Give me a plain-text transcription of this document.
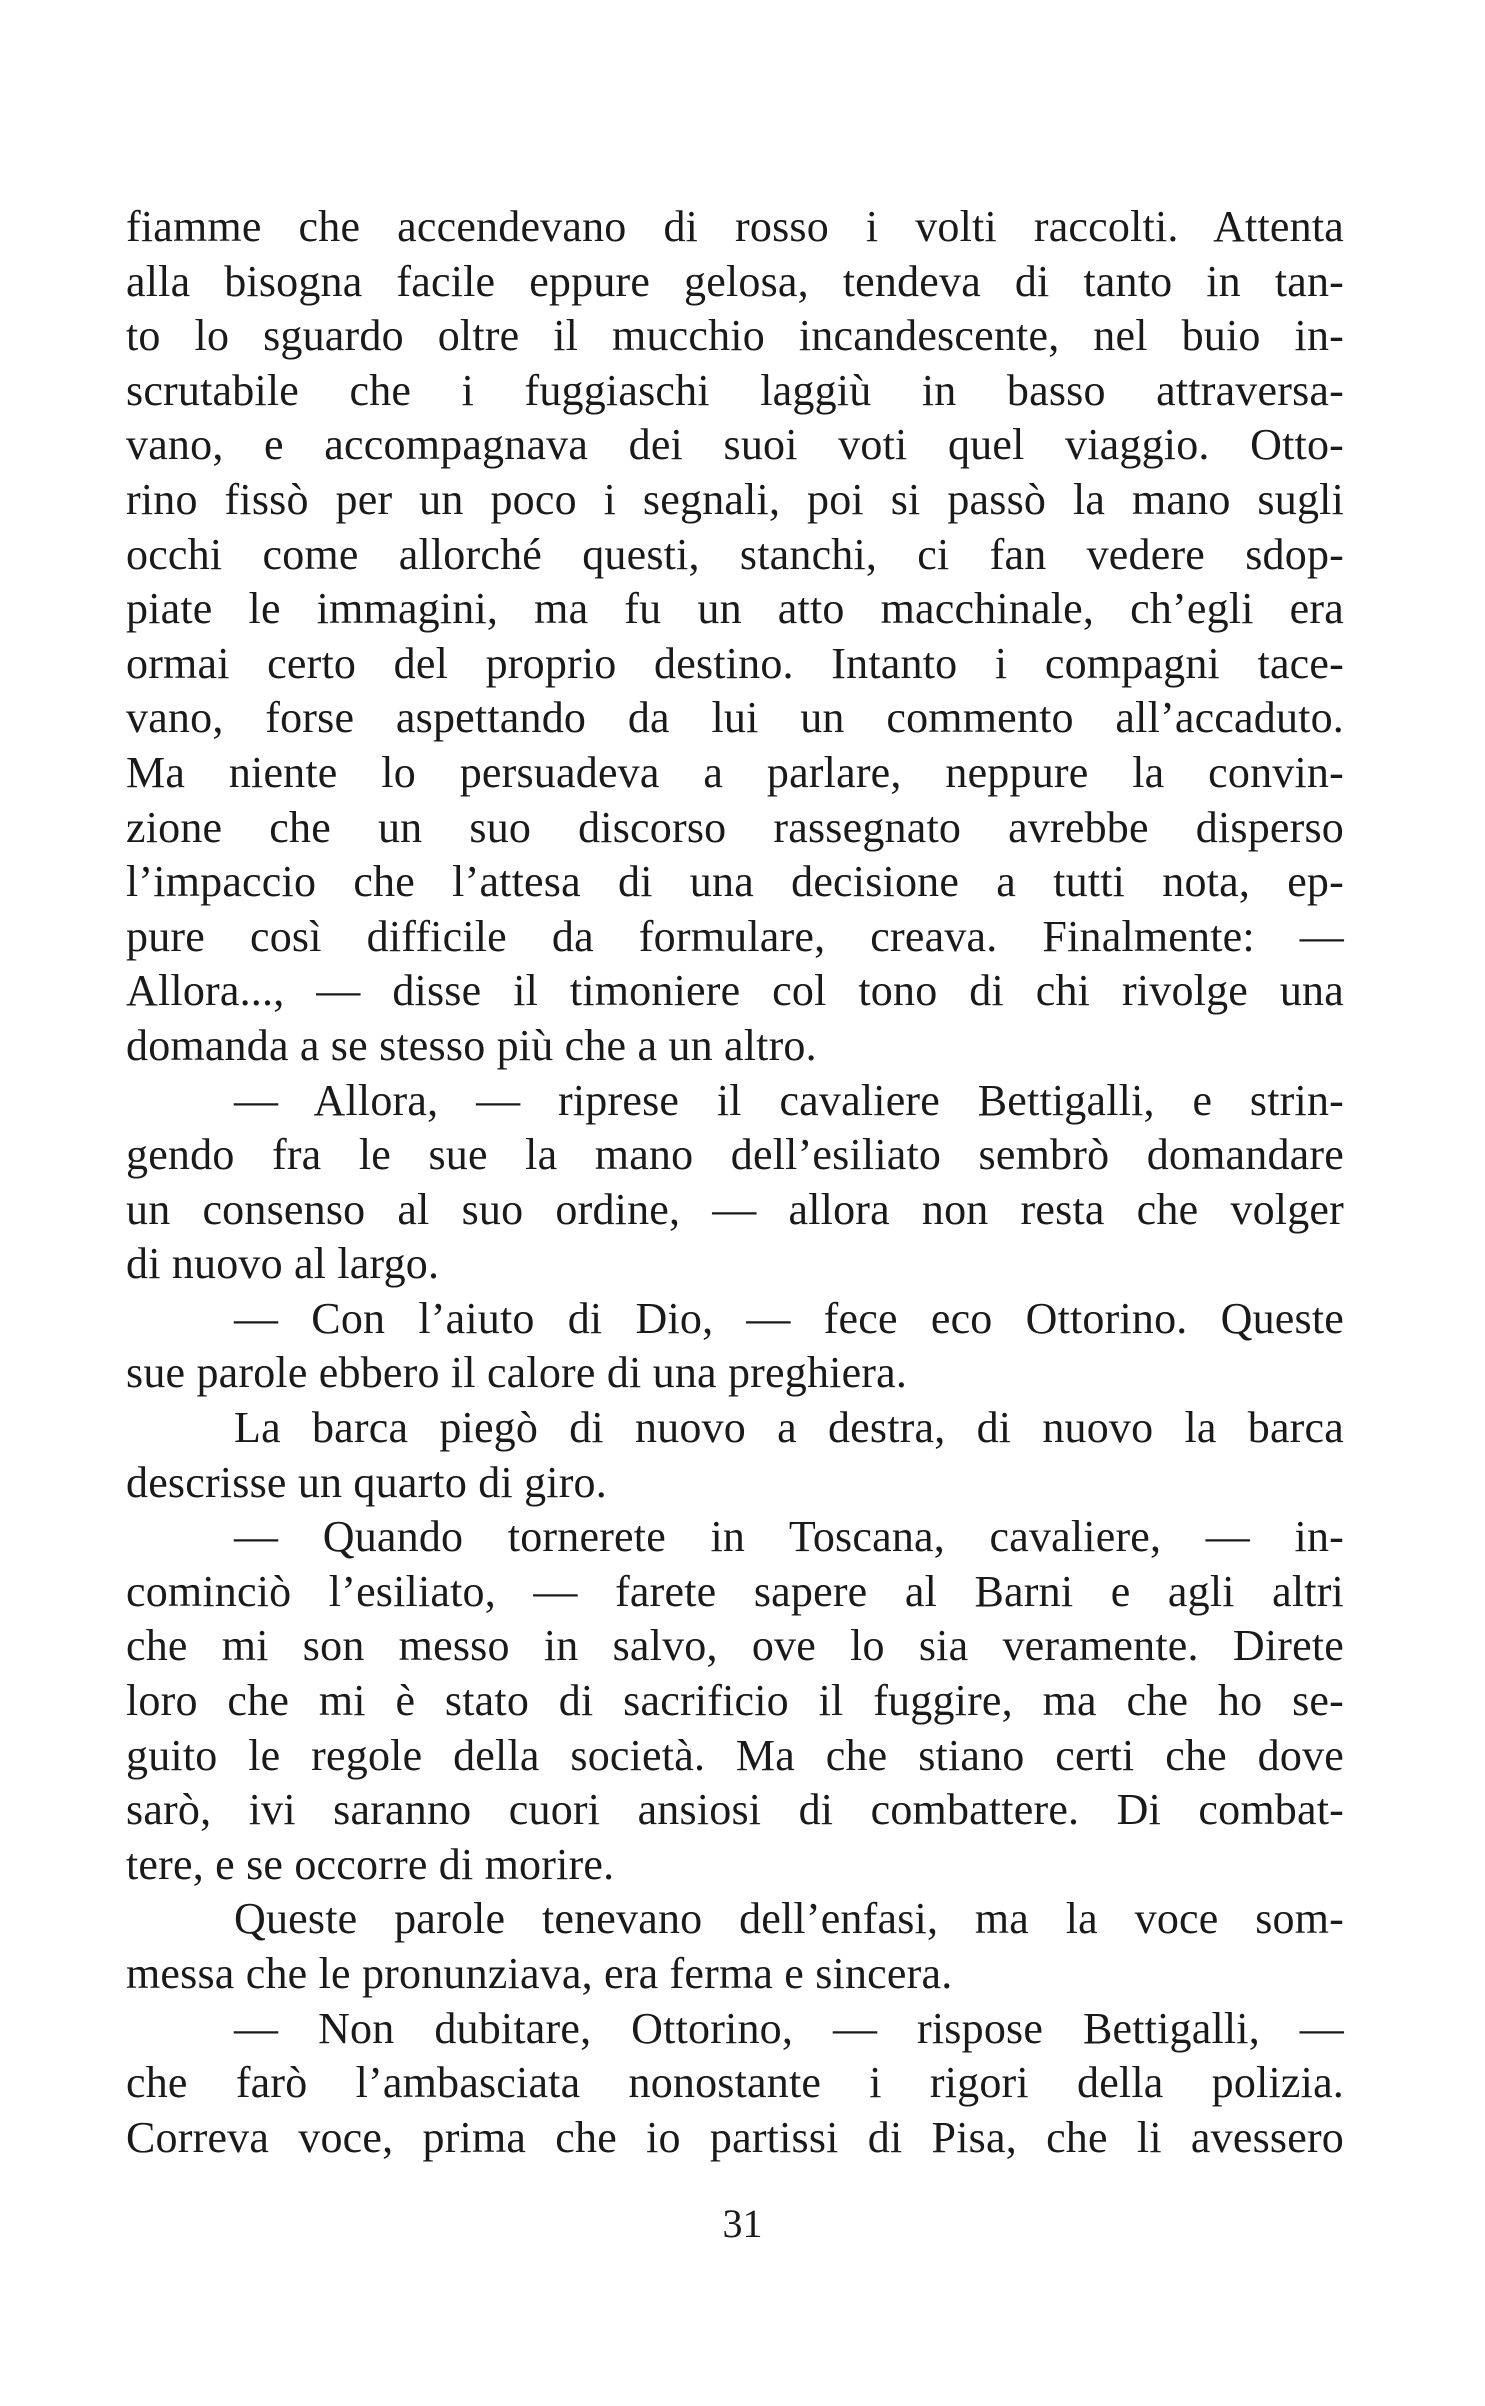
fiamme che accendevano di rosso i volti raccolti. Attenta
alla bisogna facile eppure gelosa, tendeva di tanto in tan-
to lo sguardo oltre il mucchio incandescente, nel buio in-
scrutabile che i fuggiaschi laggiù in basso attraversa-
vano, e accompagnava dei suoi voti quel viaggio. Otto-
rino fissò per un poco i segnali, poi si passò la mano sugli
occhi come allorché questi, stanchi, ci fan vedere sdop-
piate le immagini, ma fu un atto macchinale, ch’egli era
ormai certo del proprio destino. Intanto i compagni tace-
vano, forse aspettando da lui un commento all’accaduto.
Ma niente lo persuadeva a parlare, neppure la convin-
zione che un suo discorso rassegnato avrebbe disperso
l’impaccio che l’attesa di una decisione a tutti nota, ep-
pure così difficile da formulare, creava. Finalmente: —
Allora..., — disse il timoniere col tono di chi rivolge una
domanda a se stesso più che a un altro.
— Allora, — riprese il cavaliere Bettigalli, e strin-
gendo fra le sue la mano dell’esiliato sembrò domandare
un consenso al suo ordine, — allora non resta che volger
di nuovo al largo.
— Con l’aiuto di Dio, — fece eco Ottorino. Queste
sue parole ebbero il calore di una preghiera.
La barca piegò di nuovo a destra, di nuovo la barca
descrisse un quarto di giro.
— Quando tornerete in Toscana, cavaliere, — in-
cominciò l’esiliato, — farete sapere al Barni e agli altri
che mi son messo in salvo, ove lo sia veramente. Direte
loro che mi è stato di sacrificio il fuggire, ma che ho se-
guito le regole della società. Ma che stiano certi che dove
sarò, ivi saranno cuori ansiosi di combattere. Di combat-
tere, e se occorre di morire.
Queste parole tenevano dell’enfasi, ma la voce som-
messa che le pronunziava, era ferma e sincera.
— Non dubitare, Ottorino, — rispose Bettigalli, —
che farò l’ambasciata nonostante i rigori della polizia.
Correva voce, prima che io partissi di Pisa, che li avessero
31
